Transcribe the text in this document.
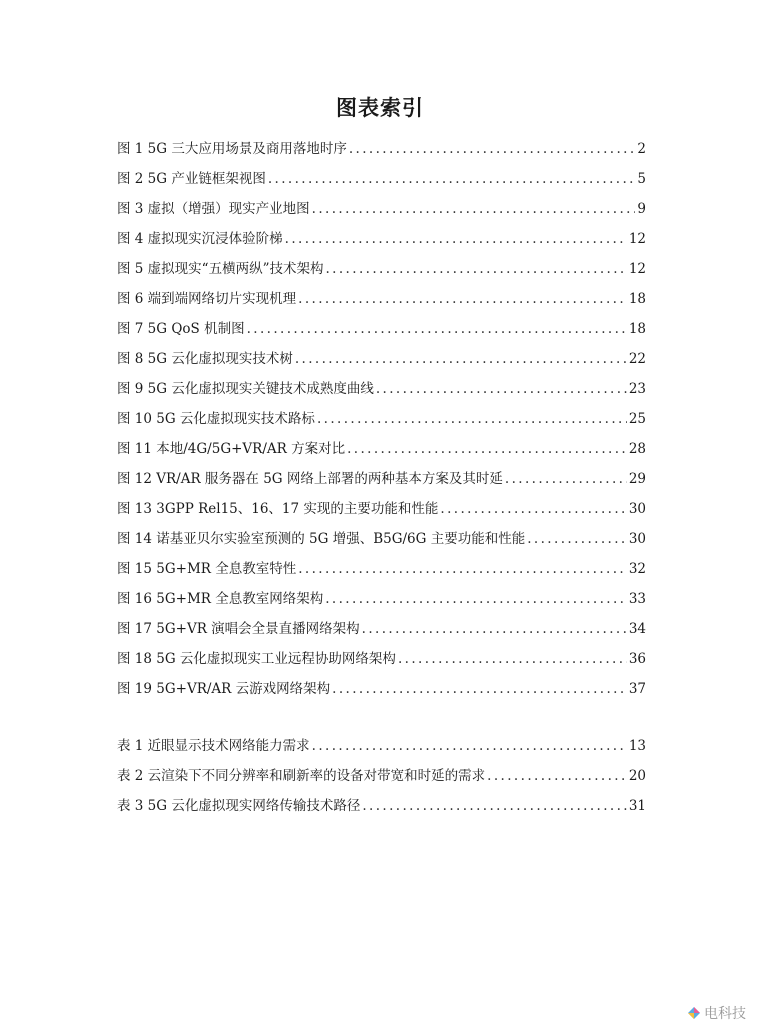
图表索引
图 1 5G 三大应用场景及商用落地时序 .....	2
图 2 5G 产业链框架视图 .....	5
图 3 虚拟（增强）现实产业地图 .....	9
图 4 虚拟现实沉浸体验阶梯 .....	12
图 5 虚拟现实“五横两纵”技术架构 .....	12
图 6 端到端网络切片实现机理 .....	18
图 7 5G QoS 机制图 .....	18
图 8 5G 云化虚拟现实技术树 .....	22
图 9 5G 云化虚拟现实关键技术成熟度曲线 .....	23
图 10 5G 云化虚拟现实技术路标 .....	25
图 11 本地/4G/5G+VR/AR 方案对比 .....	28
图 12 VR/AR 服务器在 5G 网络上部署的两种基本方案及其时延 .....	29
图 13 3GPP Rel15、16、17 实现的主要功能和性能 .....	30
图 14 诺基亚贝尔实验室预测的 5G 增强、B5G/6G 主要功能和性能 .....	30
图 15 5G+MR 全息教室特性 .....	32
图 16 5G+MR 全息教室网络架构 .....	33
图 17 5G+VR 演唱会全景直播网络架构 .....	34
图 18 5G 云化虚拟现实工业远程协助网络架构 .....	36
图 19 5G+VR/AR 云游戏网络架构 .....	37
表 1 近眼显示技术网络能力需求 .....	13
表 2 云渲染下不同分辨率和刷新率的设备对带宽和时延的需求 .....	20
表 3 5G 云化虚拟现实网络传输技术路径 .....	31
电科技
